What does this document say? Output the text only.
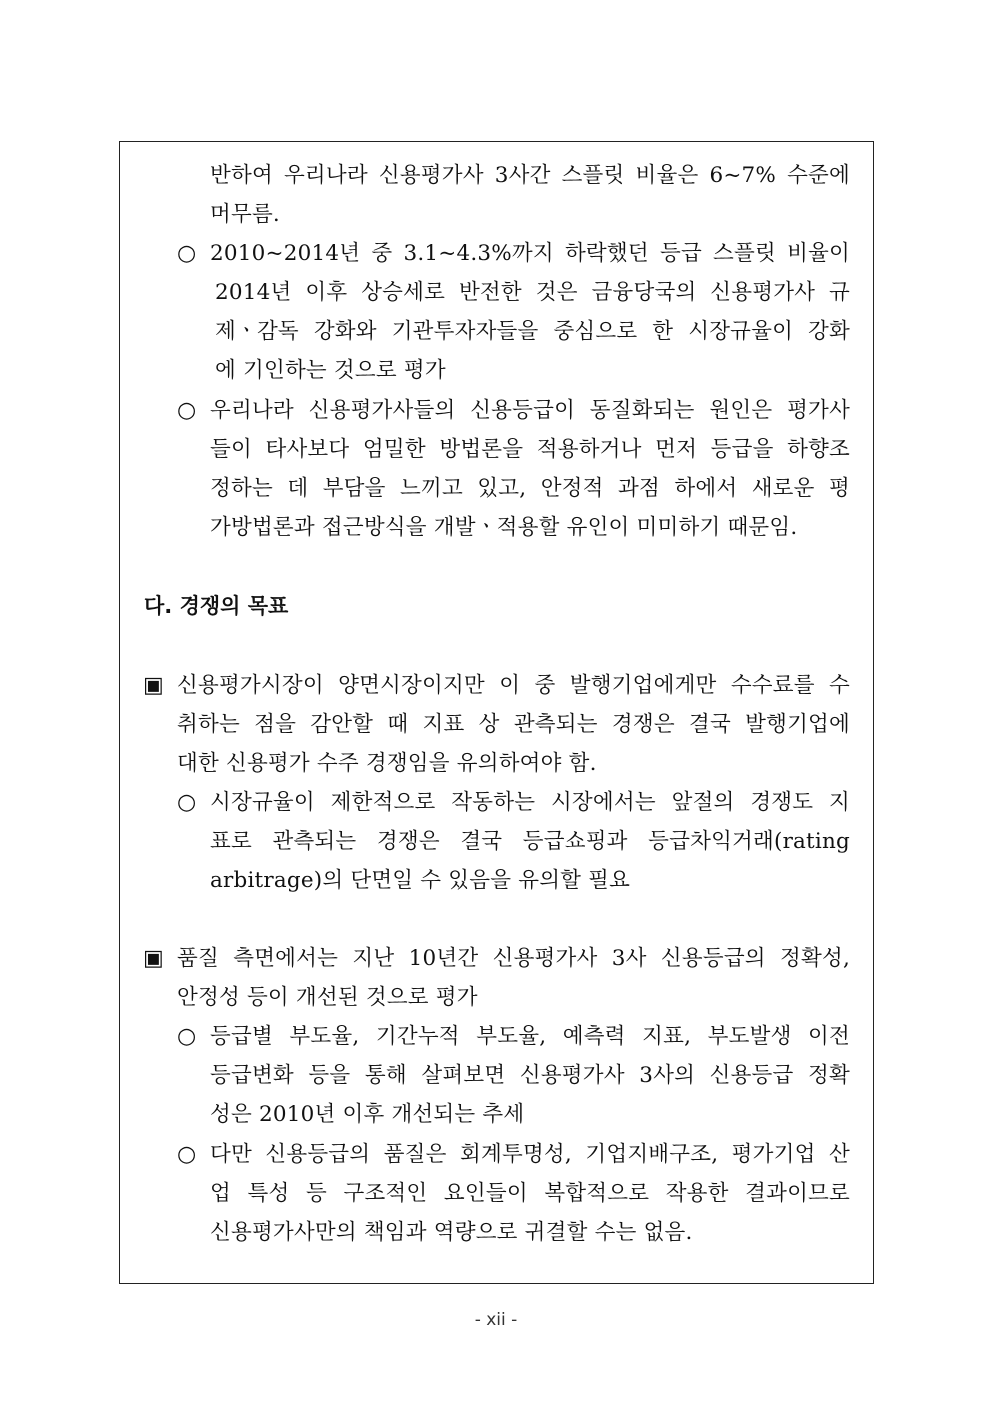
반하여 우리나라 신용평가사 3사간 스플릿 비율은 6~7% 수준에
머무름.
○ 2010~2014년 중 3.1~4.3%까지 하락했던 등급 스플릿 비율이
2014년 이후 상승세로 반전한 것은 금융당국의 신용평가사 규
제ㆍ감독 강화와 기관투자자들을 중심으로 한 시장규율이 강화
에 기인하는 것으로 평가
○ 우리나라 신용평가사들의 신용등급이 동질화되는 원인은 평가사
들이 타사보다 엄밀한 방법론을 적용하거나 먼저 등급을 하향조
정하는 데 부담을 느끼고 있고, 안정적 과점 하에서 새로운 평
가방법론과 접근방식을 개발ㆍ적용할 유인이 미미하기 때문임.
다. 경쟁의 목표
▣ 신용평가시장이 양면시장이지만 이 중 발행기업에게만 수수료를 수
취하는 점을 감안할 때 지표 상 관측되는 경쟁은 결국 발행기업에
대한 신용평가 수주 경쟁임을 유의하여야 함.
○ 시장규율이 제한적으로 작동하는 시장에서는 앞절의 경쟁도 지
표로 관측되는 경쟁은 결국 등급쇼핑과 등급차익거래(rating
arbitrage)의 단면일 수 있음을 유의할 필요
▣ 품질 측면에서는 지난 10년간 신용평가사 3사 신용등급의 정확성,
안정성 등이 개선된 것으로 평가
○ 등급별 부도율, 기간누적 부도율, 예측력 지표, 부도발생 이전
등급변화 등을 통해 살펴보면 신용평가사 3사의 신용등급 정확
성은 2010년 이후 개선되는 추세
○ 다만 신용등급의 품질은 회계투명성, 기업지배구조, 평가기업 산
업 특성 등 구조적인 요인들이 복합적으로 작용한 결과이므로
신용평가사만의 책임과 역량으로 귀결할 수는 없음.
- xii -
